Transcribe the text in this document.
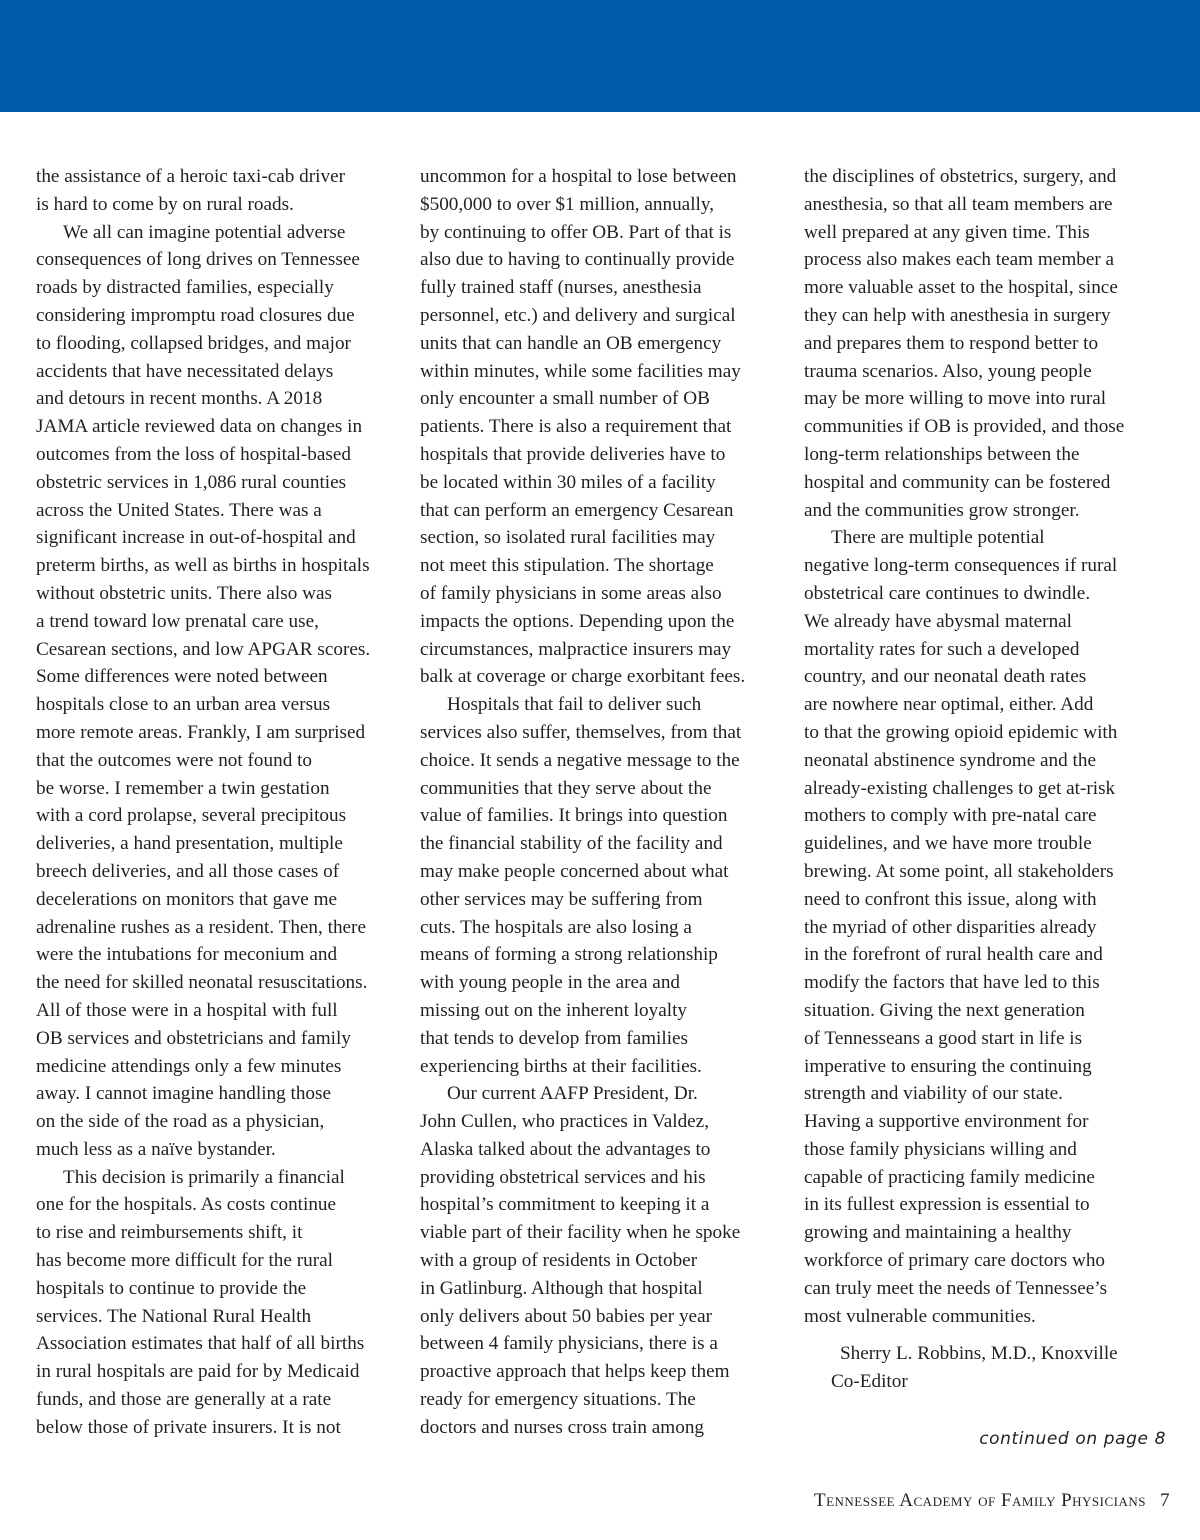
the assistance of a heroic taxi-cab driver
is hard to come by on rural roads.
We all can imagine potential adverse
consequences of long drives on Tennessee
roads by distracted families, especially
considering impromptu road closures due
to flooding, collapsed bridges, and major
accidents that have necessitated delays
and detours in recent months. A 2018
JAMA article reviewed data on changes in
outcomes from the loss of hospital-based
obstetric services in 1,086 rural counties
across the United States. There was a
significant increase in out-of-hospital and
preterm births, as well as births in hospitals
without obstetric units. There also was
a trend toward low prenatal care use,
Cesarean sections, and low APGAR scores.
Some differences were noted between
hospitals close to an urban area versus
more remote areas. Frankly, I am surprised
that the outcomes were not found to
be worse. I remember a twin gestation
with a cord prolapse, several precipitous
deliveries, a hand presentation, multiple
breech deliveries, and all those cases of
decelerations on monitors that gave me
adrenaline rushes as a resident. Then, there
were the intubations for meconium and
the need for skilled neonatal resuscitations.
All of those were in a hospital with full
OB services and obstetricians and family
medicine attendings only a few minutes
away. I cannot imagine handling those
on the side of the road as a physician,
much less as a naïve bystander.
This decision is primarily a financial
one for the hospitals. As costs continue
to rise and reimbursements shift, it
has become more difficult for the rural
hospitals to continue to provide the
services. The National Rural Health
Association estimates that half of all births
in rural hospitals are paid for by Medicaid
funds, and those are generally at a rate
below those of private insurers. It is not
uncommon for a hospital to lose between
$500,000 to over $1 million, annually,
by continuing to offer OB. Part of that is
also due to having to continually provide
fully trained staff (nurses, anesthesia
personnel, etc.) and delivery and surgical
units that can handle an OB emergency
within minutes, while some facilities may
only encounter a small number of OB
patients. There is also a requirement that
hospitals that provide deliveries have to
be located within 30 miles of a facility
that can perform an emergency Cesarean
section, so isolated rural facilities may
not meet this stipulation. The shortage
of family physicians in some areas also
impacts the options. Depending upon the
circumstances, malpractice insurers may
balk at coverage or charge exorbitant fees.
Hospitals that fail to deliver such
services also suffer, themselves, from that
choice. It sends a negative message to the
communities that they serve about the
value of families. It brings into question
the financial stability of the facility and
may make people concerned about what
other services may be suffering from
cuts. The hospitals are also losing a
means of forming a strong relationship
with young people in the area and
missing out on the inherent loyalty
that tends to develop from families
experiencing births at their facilities.
Our current AAFP President, Dr.
John Cullen, who practices in Valdez,
Alaska talked about the advantages to
providing obstetrical services and his
hospital’s commitment to keeping it a
viable part of their facility when he spoke
with a group of residents in October
in Gatlinburg. Although that hospital
only delivers about 50 babies per year
between 4 family physicians, there is a
proactive approach that helps keep them
ready for emergency situations. The
doctors and nurses cross train among
the disciplines of obstetrics, surgery, and
anesthesia, so that all team members are
well prepared at any given time. This
process also makes each team member a
more valuable asset to the hospital, since
they can help with anesthesia in surgery
and prepares them to respond better to
trauma scenarios. Also, young people
may be more willing to move into rural
communities if OB is provided, and those
long-term relationships between the
hospital and community can be fostered
and the communities grow stronger.
There are multiple potential
negative long-term consequences if rural
obstetrical care continues to dwindle.
We already have abysmal maternal
mortality rates for such a developed
country, and our neonatal death rates
are nowhere near optimal, either. Add
to that the growing opioid epidemic with
neonatal abstinence syndrome and the
already-existing challenges to get at-risk
mothers to comply with pre-natal care
guidelines, and we have more trouble
brewing. At some point, all stakeholders
need to confront this issue, along with
the myriad of other disparities already
in the forefront of rural health care and
modify the factors that have led to this
situation. Giving the next generation
of Tennesseans a good start in life is
imperative to ensuring the continuing
strength and viability of our state.
Having a supportive environment for
those family physicians willing and
capable of practicing family medicine
in its fullest expression is essential to
growing and maintaining a healthy
workforce of primary care doctors who
can truly meet the needs of Tennessee’s
most vulnerable communities.
Sherry L. Robbins, M.D., Knoxville
Co-Editor
continued on page 8
Tennessee Academy of Family Physicians 7
